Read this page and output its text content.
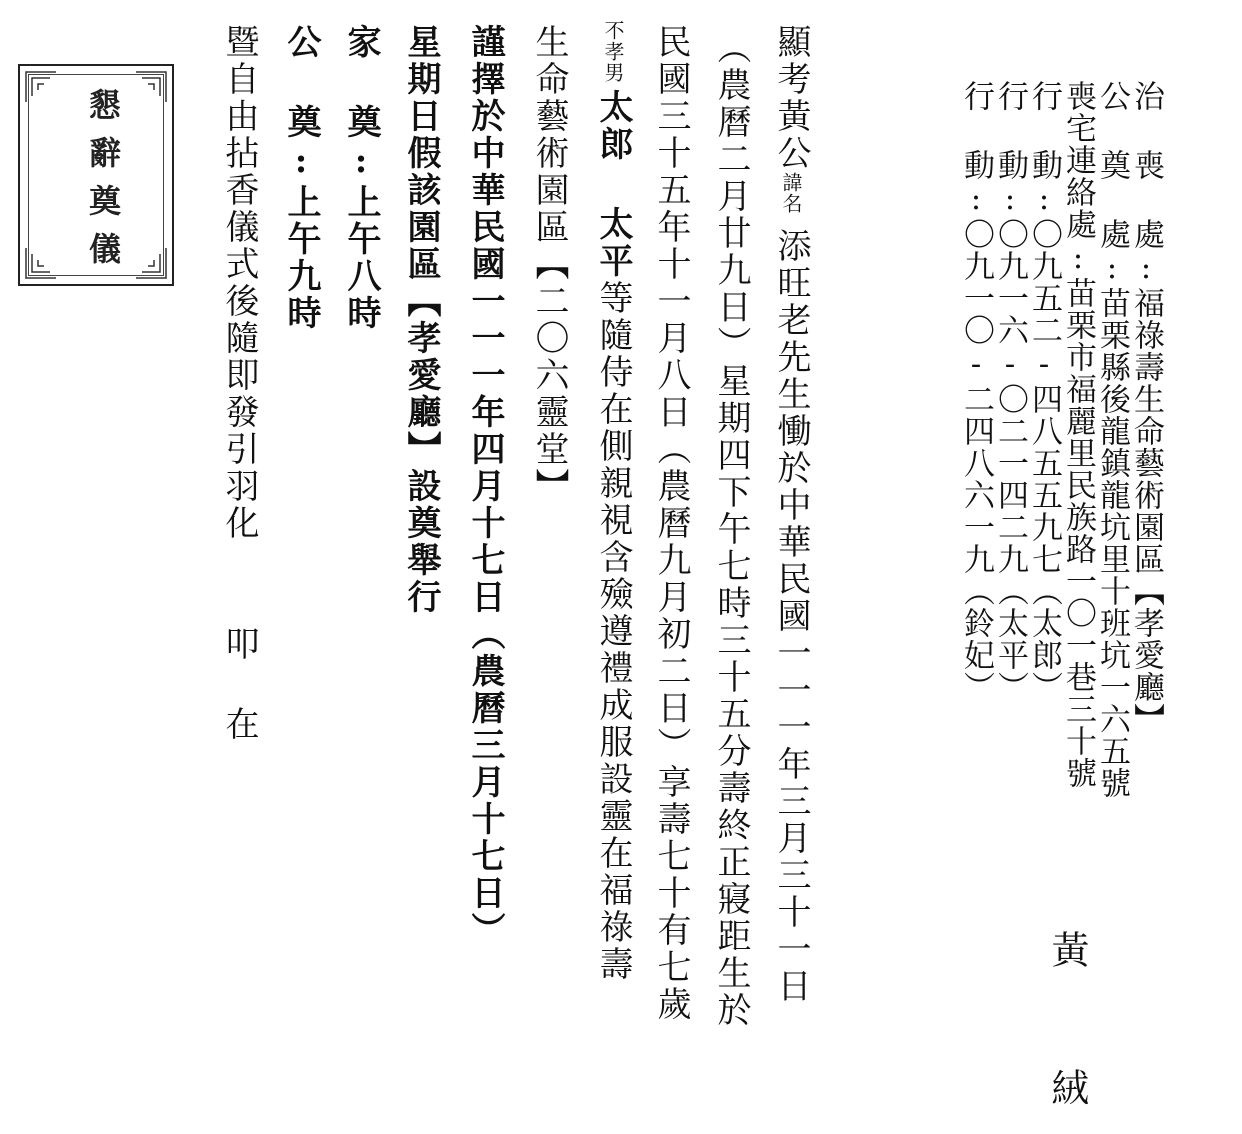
懇辭奠儀	顯考黃公諱名添旺老先生慟於中華民國一一一年三月三十一日
︵農曆二月廿九日︶星期四下午七時三十五分壽終正寢距生於
民國三十五年十一月八日︵農曆九月初二日︶享壽七十有七歲
不孝男太郎 太平等隨侍在側親視含殮遵禮成服設靈在福祿壽
生命藝術園區【二〇六靈堂】
謹擇於中華民國一一一年四月十七日︵農曆三月十七日︶
星期日假該園區【孝愛廳】設奠舉行
家 奠:上午八時
公 奠:上午九時
暨自由拈香儀式後隨即發引羽化叩 在	治 喪 處:福祿壽生命藝術園區【孝愛廳】
公 奠 處:苗栗縣後龍鎮龍坑里十班坑一六五號
喪宅連絡處:苗栗市福麗里民族路一〇一巷三十號
行 動:〇九五二-四八五五九七︵太郎︶
行 動:〇九一六-〇二一四二九︵太平︶
行 動:〇九一〇-二四八六一九︵鈴妃︶
黃 絨
